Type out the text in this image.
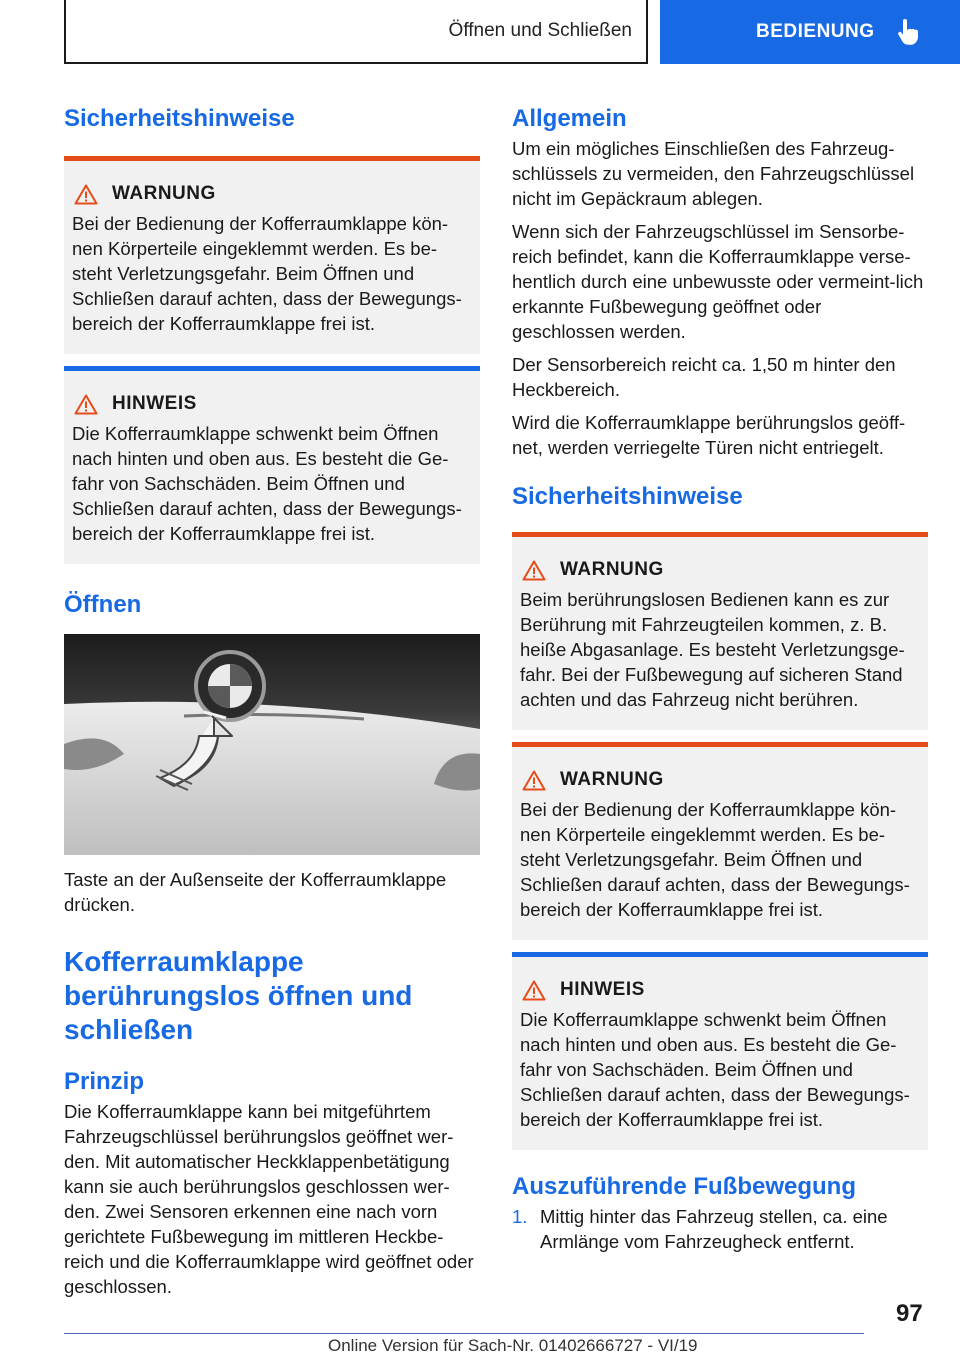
Öffnen und Schließen	BEDIENUNG
Sicherheitshinweise
WARNUNG

Bei der Bedienung der Kofferraumklappe kön‐nen Körperteile eingeklemmt werden. Es be‐steht Verletzungsgefahr. Beim Öffnen und Schließen darauf achten, dass der Bewegungs‐bereich der Kofferraumklappe frei ist.

HINWEIS

Die Kofferraumklappe schwenkt beim Öffnen nach hinten und oben aus. Es besteht die Ge‐fahr von Sachschäden. Beim Öffnen und Schließen darauf achten, dass der Bewegungs‐bereich der Kofferraumklappe frei ist.

Öffnen

Taste an der Außenseite der Kofferraumklappe drücken.

Kofferraumklappe berührungslos öffnen und schließen
Prinzip

Die Kofferraumklappe kann bei mitgeführtem Fahrzeugschlüssel berührungslos geöffnet wer‐den. Mit automatischer Heckklappenbetätigung kann sie auch berührungslos geschlossen wer‐den. Zwei Sensoren erkennen eine nach vorn gerichtete Fußbewegung im mittleren Heckbe‐reich und die Kofferraumklappe wird geöffnet oder geschlossen.

Allgemein

Um ein mögliches Einschließen des Fahrzeug‐schlüssels zu vermeiden, den Fahrzeugschlüssel nicht im Gepäckraum ablegen.

Wenn sich der Fahrzeugschlüssel im Sensorbe‐reich befindet, kann die Kofferraumklappe verse‐hentlich durch eine unbewusste oder vermeint‐lich erkannte Fußbewegung geöffnet oder geschlossen werden.

Der Sensorbereich reicht ca. 1,50 m hinter den Heckbereich.

Wird die Kofferraumklappe berührungslos geöff‐net, werden verriegelte Türen nicht entriegelt.

Sicherheitshinweise
WARNUNG

Beim berührungslosen Bedienen kann es zur Berührung mit Fahrzeugteilen kommen, z. B. heiße Abgasanlage. Es besteht Verletzungsge‐fahr. Bei der Fußbewegung auf sicheren Stand achten und das Fahrzeug nicht berühren.

WARNUNG

Bei der Bedienung der Kofferraumklappe kön‐nen Körperteile eingeklemmt werden. Es be‐steht Verletzungsgefahr. Beim Öffnen und Schließen darauf achten, dass der Bewegungs‐bereich der Kofferraumklappe frei ist.

HINWEIS

Die Kofferraumklappe schwenkt beim Öffnen nach hinten und oben aus. Es besteht die Ge‐fahr von Sachschäden. Beim Öffnen und Schließen darauf achten, dass der Bewegungs‐bereich der Kofferraumklappe frei ist.

Auszuführende Fußbewegung
1. Mittig hinter das Fahrzeug stellen, ca. eine Armlänge vom Fahrzeugheck entfernt.

97
Online Version für Sach-Nr. 01402666727 - VI/19
